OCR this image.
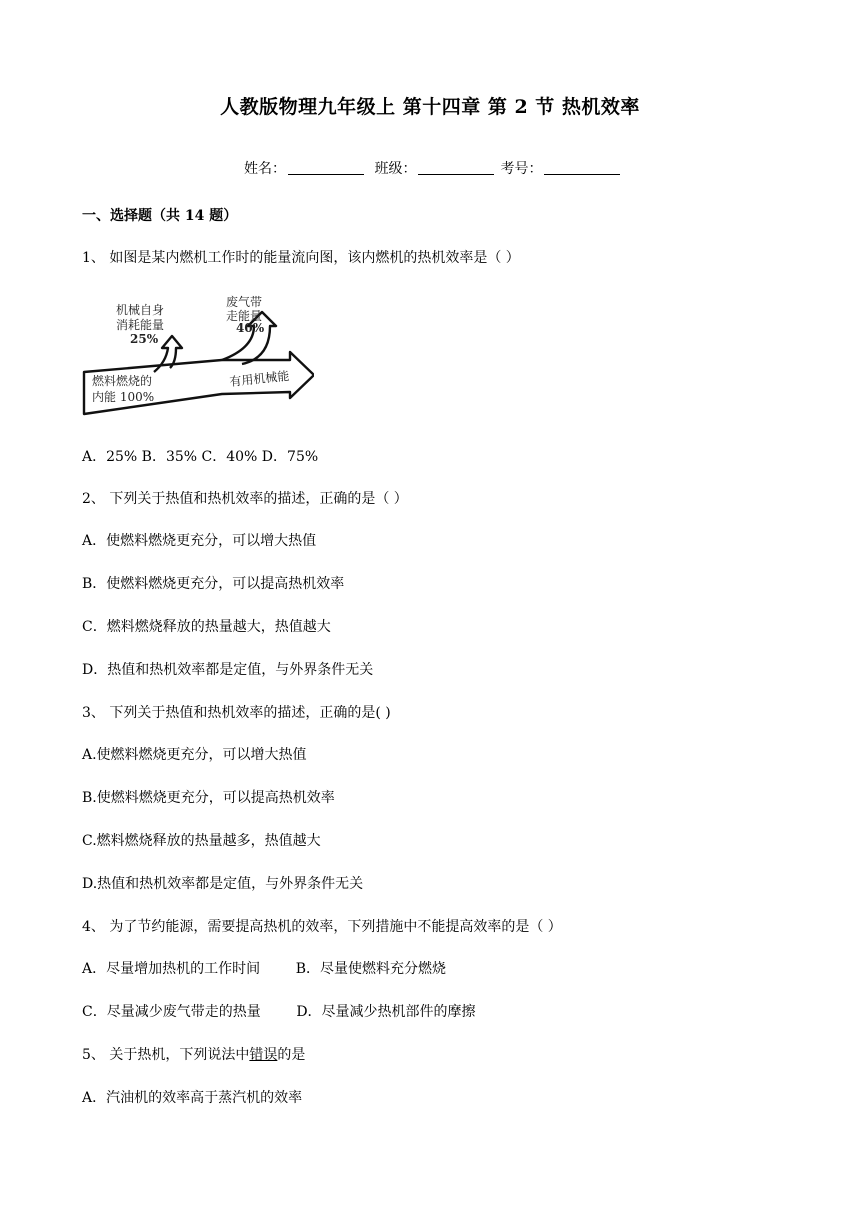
人教版物理九年级上 第十四章 第 2 节 热机效率
姓名：	班级：	考号：
一、选择题（共 14 题）
1、 如图是某内燃机工作时的能量流向图，该内燃机的热机效率是（ ）
机械自身
消耗能量
25%
废气带
走能量
40%
燃料燃烧的
内能 100%
有用机械能
A．25% B．35% C．40% D．75%
2、 下列关于热值和热机效率的描述，正确的是（ ）
A．使燃料燃烧更充分，可以增大热值
B．使燃料燃烧更充分，可以提高热机效率
C．燃料燃烧释放的热量越大，热值越大
D．热值和热机效率都是定值，与外界条件无关
3、 下列关于热值和热机效率的描述，正确的是( )
A.使燃料燃烧更充分，可以增大热值
B.使燃料燃烧更充分，可以提高热机效率
C.燃料燃烧释放的热量越多，热值越大
D.热值和热机效率都是定值，与外界条件无关
4、 为了节约能源，需要提高热机的效率，下列措施中不能提高效率的是（ ）
A．尽量增加热机的工作时间        B．尽量使燃料充分燃烧
C．尽量减少废气带走的热量        D．尽量减少热机部件的摩擦
5、 关于热机，下列说法中错误的是
A．汽油机的效率高于蒸汽机的效率
